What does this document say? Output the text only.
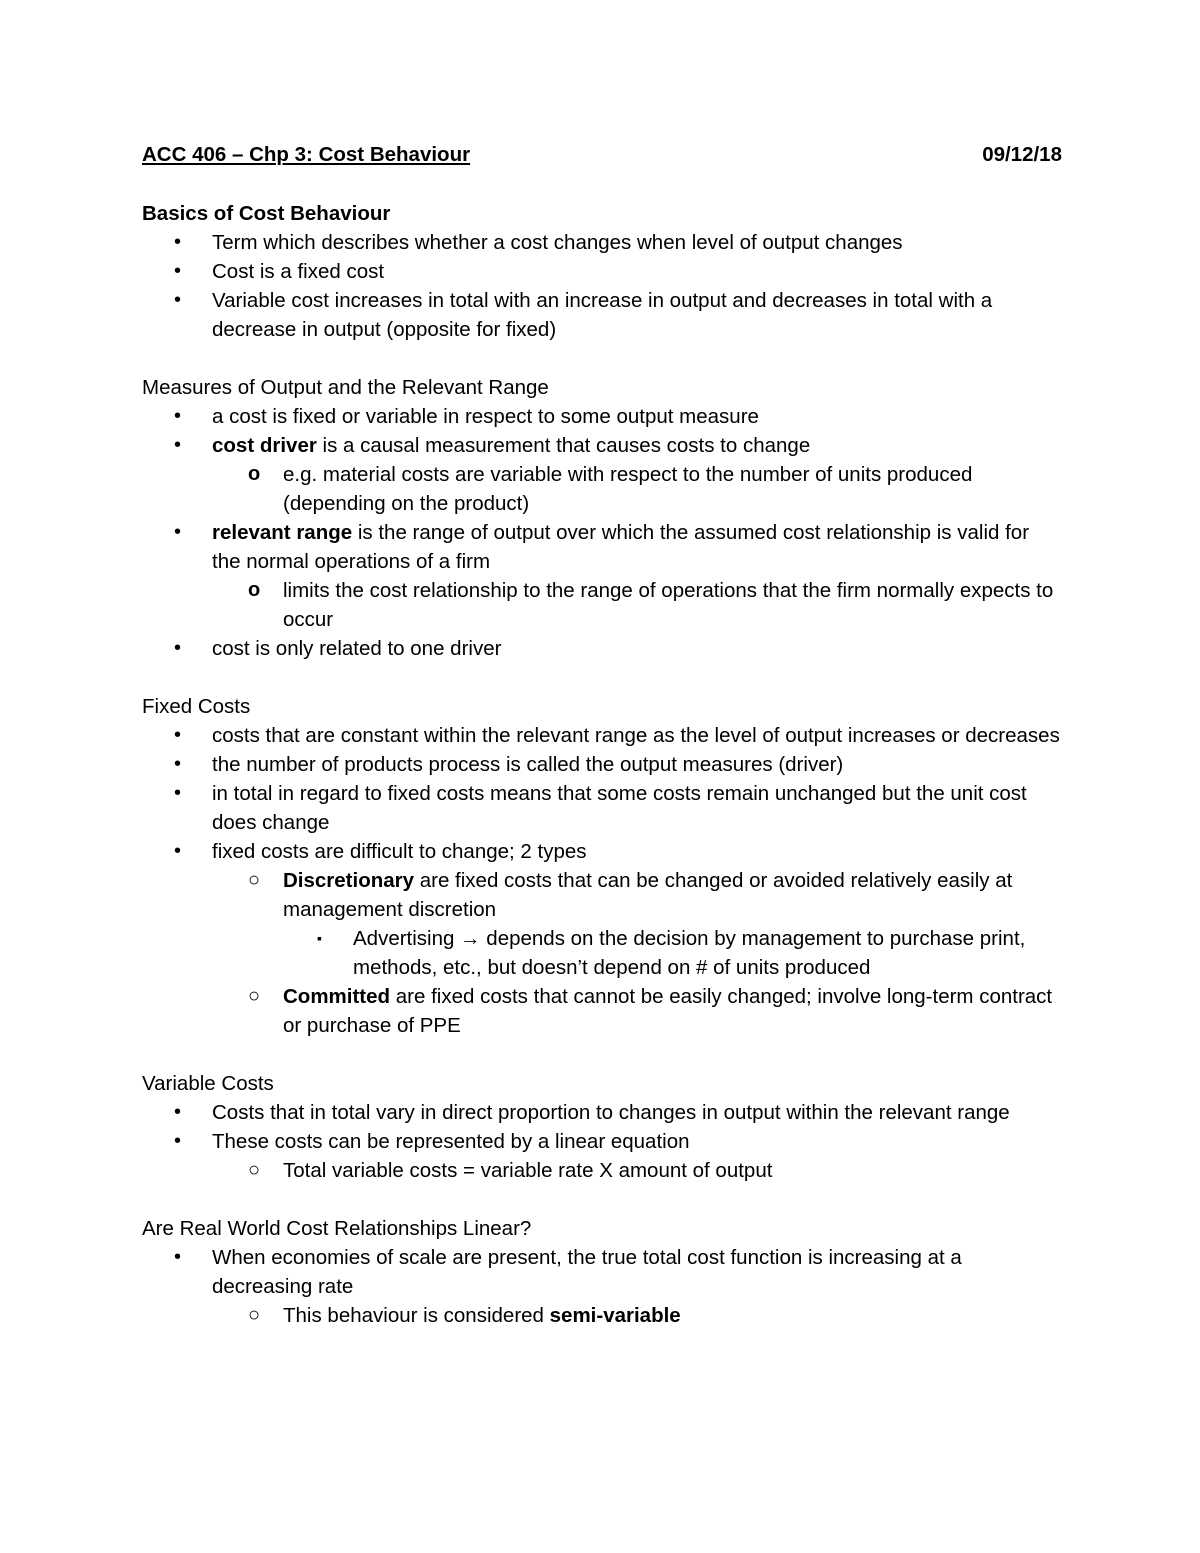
ACC 406 – Chp 3: Cost Behaviour	09/12/18

Basics of Cost Behaviour

• Term which describes whether a cost changes when level of output changes
• Cost is a fixed cost
• Variable cost increases in total with an increase in output and decreases in total with a decrease in output (opposite for fixed)

Measures of Output and the Relevant Range

• a cost is fixed or variable in respect to some output measure
• cost driver is a causal measurement that causes costs to change
o e.g. material costs are variable with respect to the number of units produced (depending on the product)
• relevant range is the range of output over which the assumed cost relationship is valid for the normal operations of a firm
o limits the cost relationship to the range of operations that the firm normally expects to occur
• cost is only related to one driver

Fixed Costs

• costs that are constant within the relevant range as the level of output increases or decreases
• the number of products process is called the output measures (driver)
• in total in regard to fixed costs means that some costs remain unchanged but the unit cost does change
• fixed costs are difficult to change; 2 types
○ Discretionary are fixed costs that can be changed or avoided relatively easily at management discretion
▪ Advertising → depends on the decision by management to purchase print, methods, etc., but doesn’t depend on # of units produced
○ Committed are fixed costs that cannot be easily changed; involve long-term contract or purchase of PPE

Variable Costs

• Costs that in total vary in direct proportion to changes in output within the relevant range
• These costs can be represented by a linear equation
○ Total variable costs = variable rate X amount of output

Are Real World Cost Relationships Linear?

• When economies of scale are present, the true total cost function is increasing at a decreasing rate
○ This behaviour is considered semi-variable
